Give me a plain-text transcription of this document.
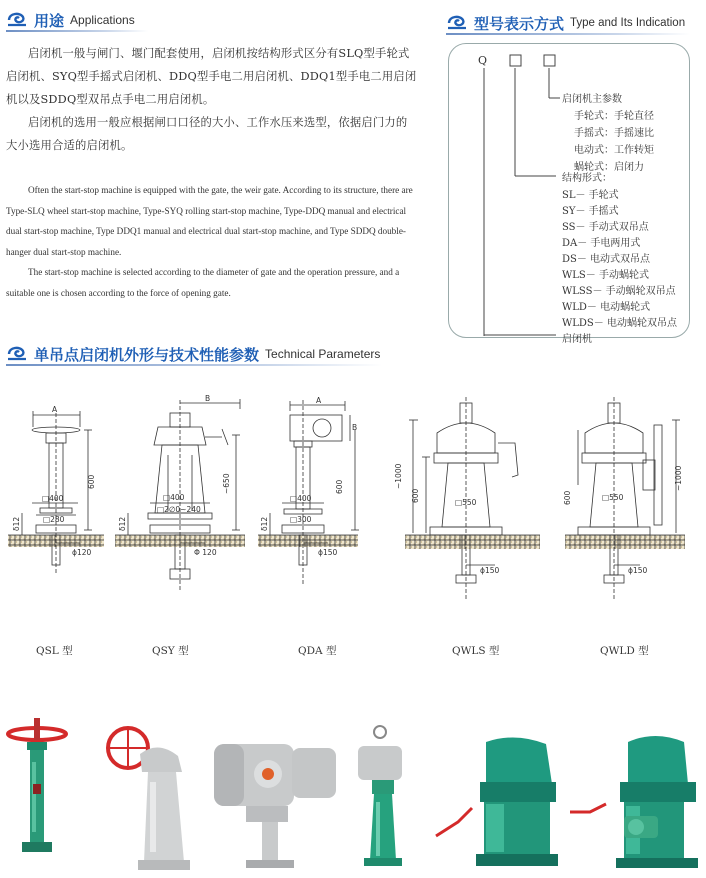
用途 Applications

启闭机一般与闸门、堰门配套使用，启闭机按结构形式区分有SLQ型手轮式启闭机、SYQ型手摇式启闭机、DDQ型手电二用启闭机、DDQ1型手电二用启闭机以及SDDQ型双吊点手电二用启闭机。

启闭机的选用一般应根据闸口口径的大小、工作水压来选型，依据启门力的大小选用合适的启闭机。

Often the start-stop machine is equipped with the gate, the weir gate. According to its structure, there are Type-SLQ wheel start-stop machine, Type-SYQ rolling start-stop machine, Type-DDQ manual and electrical dual start-stop machine, Type DDQ1 manual and electrical dual start-stop machine, and Type SDDQ double-hanger dual start-stop machine.

The start-stop machine is selected according to the diameter of gate and the operation pressure, and a suitable one is chosen according to the force of opening gate.

型号表示方式 Type and Its Indication
Q
启闭机主参数
手轮式：手轮直径
手摇式：手摇速比
电动式：工作转矩
蜗轮式：启闭力
结构形式：
SL－ 手轮式
SY－ 手摇式
SS－ 手动式双吊点
DA－ 手电两用式
DS－ 电动式双吊点
WLS－ 手动蜗轮式
WLSS－ 手动蜗轮双吊点
WLD－ 电动蜗轮式
WLDS－ 电动蜗轮双吊点
启闭机
单吊点启闭机外形与技术性能参数 Technical Parameters
A
600
□400
□280
δ12
ϕ120
B
~650
□400
□2∅0~240
δ12
Φ 120
A
B
600
□400
□300
δ12
ϕ150
~1000
600	□550
ϕ150
~1000
600	□550
ϕ150
QSL 型	QSY 型	QDA 型	QWLS 型	QWLD 型
